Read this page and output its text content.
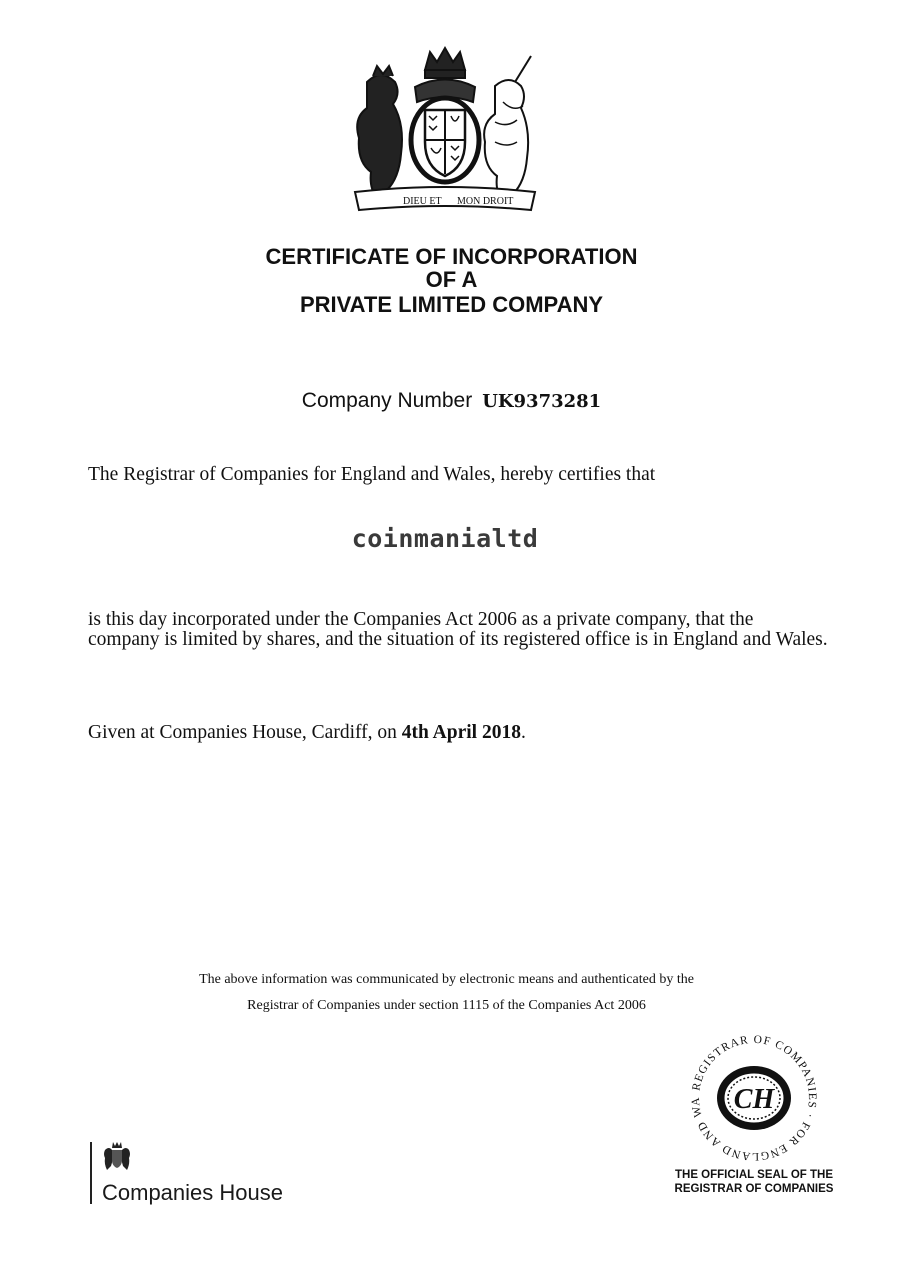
DIEU ET MON DROIT
CERTIFICATE OF INCORPORATION
OF A
PRIVATE LIMITED COMPANY
Company Number UK9373281
The Registrar of Companies for England and Wales, hereby certifies that
coinmanialtd
is this day incorporated under the Companies Act 2006 as a private company, that the company is limited by shares, and the situation of its registered office is in England and Wales.
Given at Companies House, Cardiff, on 4th April 2018.
The above information was communicated by electronic means and authenticated by the
Registrar of Companies under section 1115 of the Companies Act 2006
Companies House
REGISTRAR OF COMPANIES · FOR ENGLAND AND WA	CH
THE OFFICIAL SEAL OF THE
REGISTRAR OF COMPANIES
